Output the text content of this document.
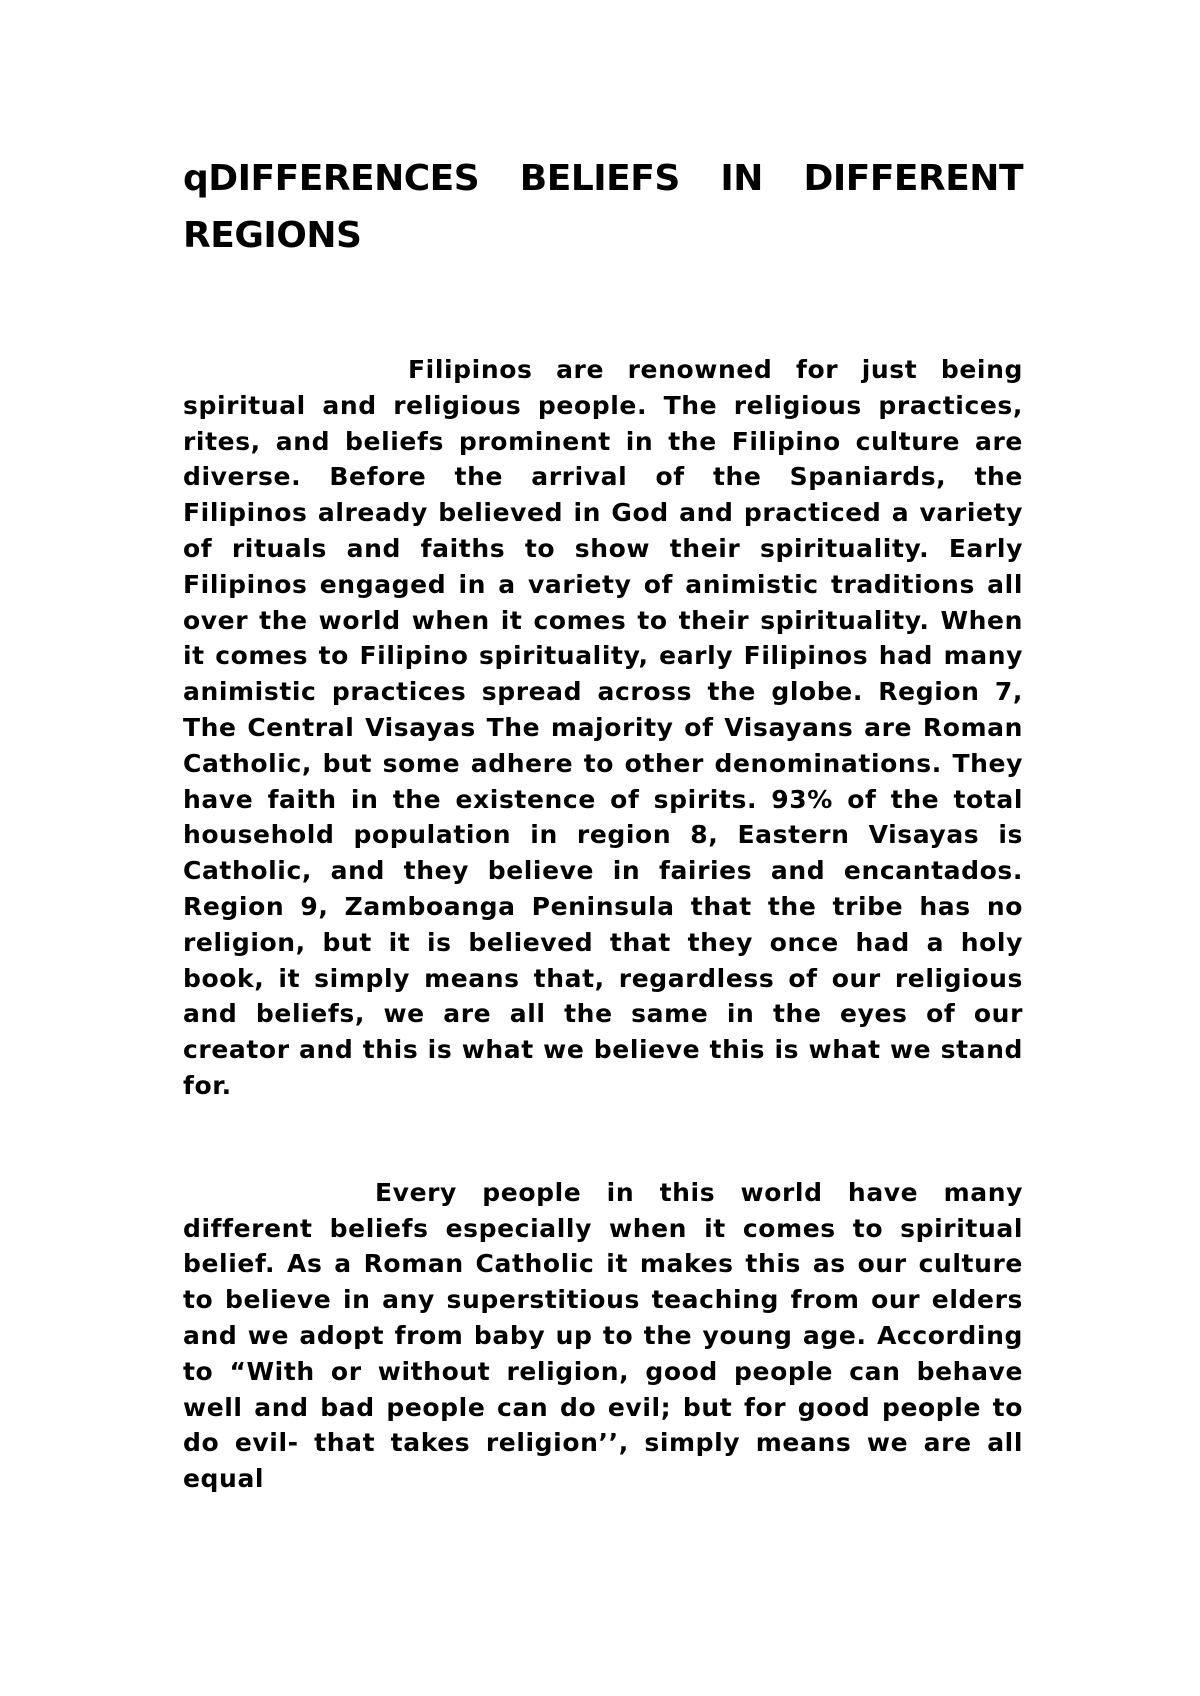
qDIFFERENCES BELIEFS IN DIFFERENT REGIONS

Filipinos are renowned for just being spiritual and religious people. The religious practices, rites, and beliefs prominent in the Filipino culture are diverse. Before the arrival of the Spaniards, the Filipinos already believed in God and practiced a variety of rituals and faiths to show their spirituality. Early Filipinos engaged in a variety of animistic traditions all over the world when it comes to their spirituality. When it comes to Filipino spirituality, early Filipinos had many animistic practices spread across the globe. Region 7, The Central Visayas The majority of Visayans are Roman Catholic, but some adhere to other denominations. They have faith in the existence of spirits. 93% of the total household population in region 8, Eastern Visayas is Catholic, and they believe in fairies and encantados. Region 9, Zamboanga Peninsula that the tribe has no religion, but it is believed that they once had a holy book, it simply means that, regardless of our religious and beliefs, we are all the same in the eyes of our creator and this is what we believe this is what we stand for.

Every people in this world have many different beliefs especially when it comes to spiritual belief. As a Roman Catholic it makes this as our culture to believe in any superstitious teaching from our elders and we adopt from baby up to the young age. According to “With or without religion, good people can behave well and bad people can do evil; but for good people to do evil- that takes religion’’, simply means we are all equal
